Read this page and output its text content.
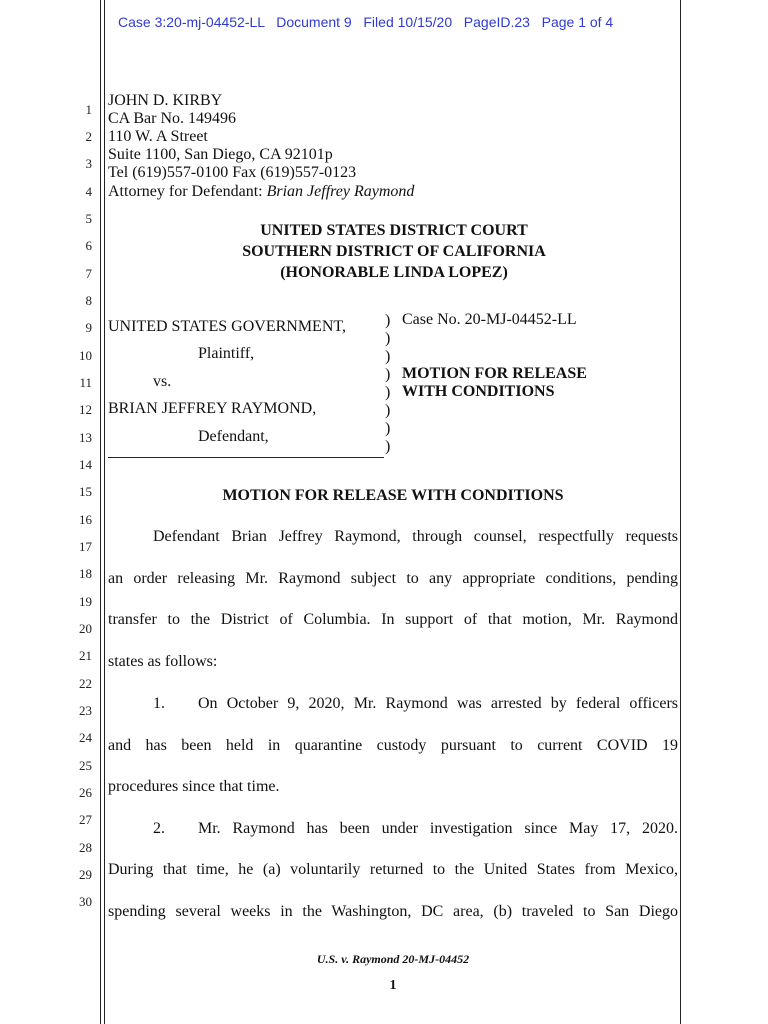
Case 3:20-mj-04452-LL   Document 9   Filed 10/15/20   PageID.23   Page 1 of 4
1
2
3
4
5
6
7
8
9
10
11
12
13
14
15
16
17
18
19
20
21
22
23
24
25
26
27
28
29
30
JOHN D. KIRBY
CA Bar No. 149496
110 W. A Street
Suite 1100, San Diego, CA 92101p
Tel (619)557-0100 Fax (619)557-0123
Attorney for Defendant: Brian Jeffrey Raymond
UNITED STATES DISTRICT COURT
SOUTHERN DISTRICT OF CALIFORNIA
(HONORABLE LINDA LOPEZ)
UNITED STATES GOVERNMENT,
Plaintiff,
vs.
BRIAN JEFFREY RAYMOND,
Defendant,
)
)
)
)
)
)
)
)
Case No. 20-MJ-04452-LL
MOTION FOR RELEASE
WITH CONDITIONS
MOTION FOR RELEASE WITH CONDITIONS
Defendant Brian Jeffrey Raymond, through counsel, respectfully requests
an order releasing Mr. Raymond subject to any appropriate conditions, pending
transfer to the District of Columbia. In support of that motion, Mr. Raymond
states as follows:
1. On October 9, 2020, Mr. Raymond was arrested by federal officers
and has been held in quarantine custody pursuant to current COVID 19
procedures since that time.
2. Mr. Raymond has been under investigation since May 17, 2020.
During that time, he (a) voluntarily returned to the United States from Mexico,
spending several weeks in the Washington, DC area, (b) traveled to San Diego
U.S. v. Raymond 20-MJ-04452
1
